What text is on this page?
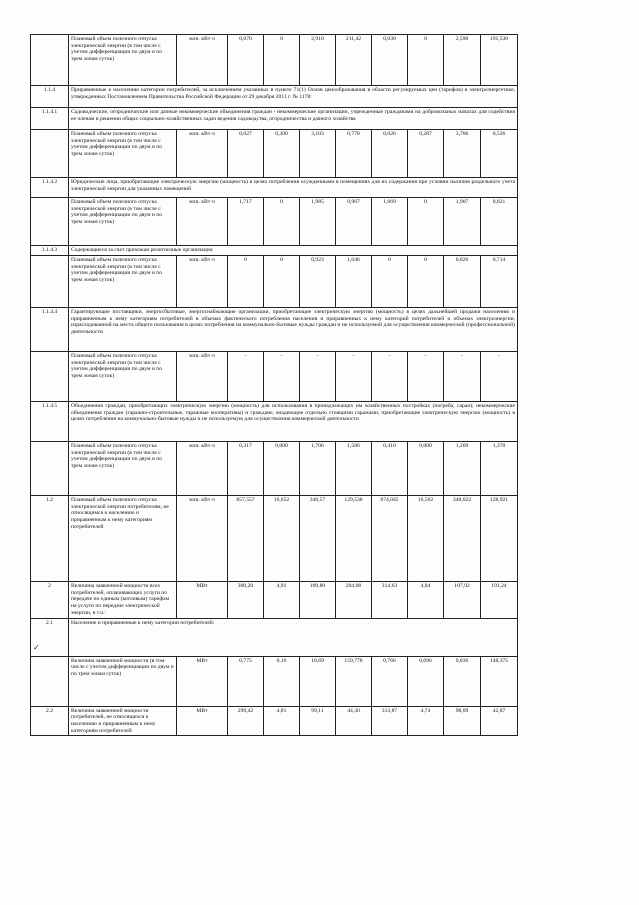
	Плановый объем полезного отпуска электрической энергии (в том числе с учетом дифференциации по двум и по трем зонам суток)	млн. кВт·ч	0,070	0	2,910	211,42	0,030	0	2,590	191,530
1.1.4	Приравненные к населению категории потребителей, за исключением указанных в пункте 71(1) Основ ценообразования в области регулируемых цен (тарифов) в электроэнергетике, утвержденных Постановлением Правительства Российской Федерации от 29 декабря 2011 г. № 1178:									
1.1.4.1	Садоводческие, огороднические или дачные некоммерческие объединения граждан - некоммерческие организации, учрежденные гражданами на добровольных началах для содействия ее членам в решении общих социально-хозяйственных задач ведения садоводства, огородничества и дачного хозяйства									
	Плановый объем полезного отпуска электрической энергии (в том числе с учетом дифференциации по двум и по трем зонам суток)	млн. кВт·ч	0,027	0,300	3,103	0,778	0,026	0,287	3,706	0,526
1.1.4.2	Юридические лица, приобретающие электрическую энергию (мощность) в целях потребления осужденными в помещениях для их содержания при условии наличия раздельного учета электрической энергии для указанных помещений									
	Плановый объем полезного отпуска электрической энергии (в том числе с учетом дифференциации по двум и по трем зонам суток)	млн. кВт·ч	1,717	0	1,985	0,967	1,669	0	1,907	0,821
1.1.4.3	Содержащиеся за счет прихожан религиозные организации									
	Плановый объем полезного отпуска электрической энергии (в том числе с учетом дифференциации по двум и по трем зонам суток)	млн. кВт·ч	0	0	0,923	1,046	0	0	0,826	0,714
1.1.4.4	Гарантирующие поставщики, энергосбытовые, энергоснабжающие организации, приобретающие электрическую энергию (мощность) в целях дальнейшей продажи населению и приравненным к нему категориям потребителей в объемах фактического потребления населения и приравненных к нему категорий потребителей и объемах электроэнергии, израсходованной на места общего пользования в целях потребления на коммунально-бытовые нужды граждан и не используемой для осуществления коммерческой (профессиональной) деятельности									
	Плановый объем полезного отпуска электрической энергии (в том числе с учетом дифференциации по двум и по трем зонам суток)	млн. кВт·ч	-	-	-	-	-	-	-	-
1.1.4.5	Объединения граждан, приобретающих электрическую энергию (мощность) для использования в принадлежащих им хозяйственных постройках (погреба, сараи); некоммерческие объединения граждан (гаражно-строительные, гаражные кооперативы) и граждане, владеющие отдельно стоящими гаражами, приобретающие электрическую энергию (мощность) в целях потребления на коммунально-бытовые нужды и не используемую для осуществления коммерческой деятельности									
	Плановый объем полезного отпуска электрической энергии (в том числе с учетом дифференциации по двум и по трем зонам суток)	млн. кВт·ч	0,317	0,000	1,706	1,586	0,410	0,000	1,269	1,370
1.2	Плановый объем полезного отпуска электрической энергии потребителям, не относящимся к населению и приравненным к нему категориям потребителей	млн. кВт·ч	857,557	16,652	346,57	129,538	874,045	16,562	348,022	128,921
2	Величина заявленной мощности всех потребителей, оплачивающих услуги по передаче по единым (котловым) тарифам на услуги по передаче электрической энергии, в т.ч.:	МВт	300,20	4,91	109,80	204,08	314,63	4,84	107,92	191,24
2.1	Население и приравненные к нему категории потребителей:									
	Величина заявленной мощности (в том числе с учетом дифференциации по двум и по трем зонам суток)	МВт	0,775	0,10	10,69	159,778	0,766	0,096	9,836	148,375
2.2	Величина заявленной мощности потребителей, не относящихся к населению и приравненным к нему категориям потребителей	МВт	299,42	4,81	99,11	44,30	313,87	4,74	98,09	42,87
✓
